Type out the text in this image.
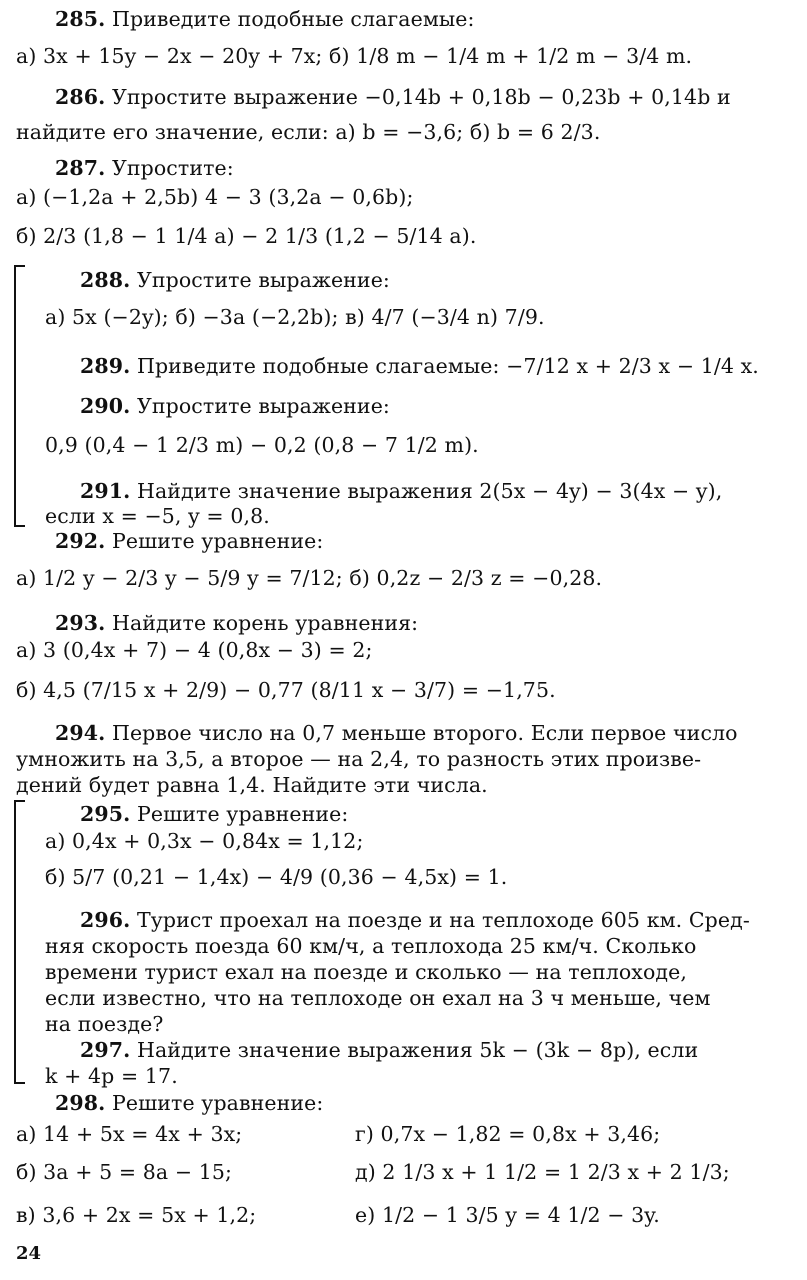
285. Приведите подобные слагаемые:
а) 3x + 15y − 2x − 20y + 7x; б) 1/8 m − 1/4 m + 1/2 m − 3/4 m.
286. Упростите выражение −0,14b + 0,18b − 0,23b + 0,14b и
найдите его значение, если: а) b = −3,6; б) b = 6 2/3.
287. Упростите:
а) (−1,2a + 2,5b) 4 − 3 (3,2a − 0,6b);
б) 2/3 (1,8 − 1 1/4 a) − 2 1/3 (1,2 − 5/14 a).
288. Упростите выражение:
а) 5x (−2y); б) −3a (−2,2b); в) 4/7 (−3/4 n) 7/9.
289. Приведите подобные слагаемые: −7/12 x + 2/3 x − 1/4 x.
290. Упростите выражение:
0,9 (0,4 − 1 2/3 m) − 0,2 (0,8 − 7 1/2 m).
291. Найдите значение выражения 2(5x − 4y) − 3(4x − y),
если x = −5, y = 0,8.
292. Решите уравнение:
а) 1/2 y − 2/3 y − 5/9 y = 7/12; б) 0,2z − 2/3 z = −0,28.
293. Найдите корень уравнения:
а) 3 (0,4x + 7) − 4 (0,8x − 3) = 2;
б) 4,5 (7/15 x + 2/9) − 0,77 (8/11 x − 3/7) = −1,75.
294. Первое число на 0,7 меньше второго. Если первое число
умножить на 3,5, а второе — на 2,4, то разность этих произве-
дений будет равна 1,4. Найдите эти числа.
295. Решите уравнение:
а) 0,4x + 0,3x − 0,84x = 1,12;
б) 5/7 (0,21 − 1,4x) − 4/9 (0,36 − 4,5x) = 1.
296. Турист проехал на поезде и на теплоходе 605 км. Сред-
няя скорость поезда 60 км/ч, а теплохода 25 км/ч. Сколько
времени турист ехал на поезде и сколько — на теплоходе,
если известно, что на теплоходе он ехал на 3 ч меньше, чем
на поезде?
297. Найдите значение выражения 5k − (3k − 8p), если
k + 4p = 17.
298. Решите уравнение:
а) 14 + 5x = 4x + 3x;	г) 0,7x − 1,82 = 0,8x + 3,46;
б) 3a + 5 = 8a − 15;	д) 2 1/3 x + 1 1/2 = 1 2/3 x + 2 1/3;
в) 3,6 + 2x = 5x + 1,2;	е) 1/2 − 1 3/5 y = 4 1/2 − 3y.
24
